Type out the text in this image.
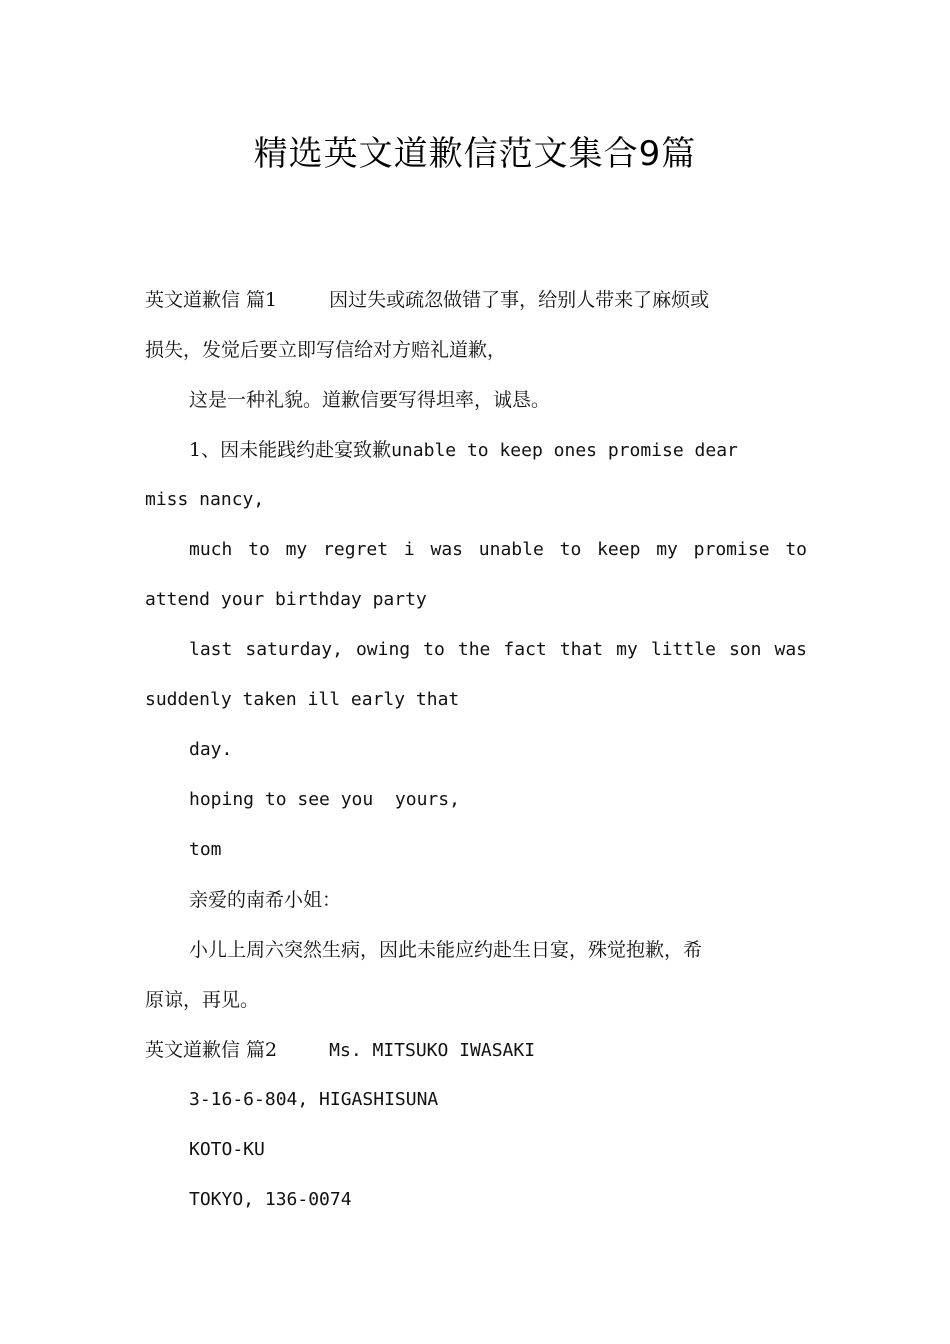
精选英文道歉信范文集合9篇
英文道歉信 篇1	因过失或疏忽做错了事，给别人带来了麻烦或
损失，发觉后要立即写信给对方赔礼道歉，
这是一种礼貌。道歉信要写得坦率，诚恳。
1、因未能践约赴宴致歉unable to keep ones promise dear
miss nancy,
much to my regret i was unable to keep my promise to
attend your birthday party
last saturday, owing to the fact that my little son was
suddenly taken ill early that
day.
hoping to see you  yours,
tom
亲爱的南希小姐：
小儿上周六突然生病，因此未能应约赴生日宴，殊觉抱歉，希
原谅，再见。
英文道歉信 篇2	Ms. MITSUKO IWASAKI
3-16-6-804, HIGASHISUNA
KOTO-KU
TOKYO, 136-0074
